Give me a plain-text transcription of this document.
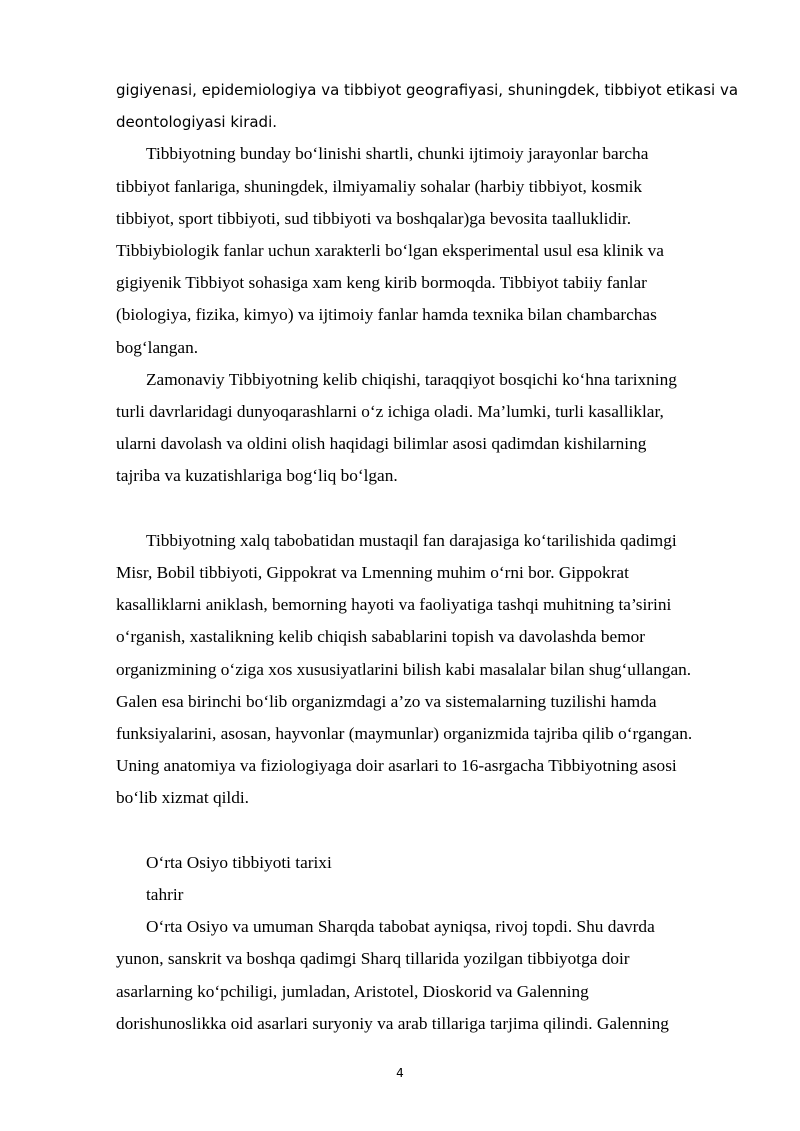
gigiyenasi, epidemiologiya va tibbiyot geografiyasi, shuningdek, tibbiyot etikasi va

deontologiyasi kiradi.

Tibbiyotning bunday bo‘linishi shartli, chunki ijtimoiy jarayonlar barcha

tibbiyot fanlariga, shuningdek, ilmiyamaliy sohalar (harbiy tibbiyot, kosmik

tibbiyot, sport tibbiyoti, sud tibbiyoti va boshqalar)ga bevosita taalluklidir.

Tibbiybiologik fanlar uchun xarakterli bo‘lgan eksperimental usul esa klinik va

gigiyenik Tibbiyot sohasiga xam keng kirib bormoqda. Tibbiyot tabiiy fanlar

(biologiya, fizika, kimyo) va ijtimoiy fanlar hamda texnika bilan chambarchas

bog‘langan.

Zamonaviy Tibbiyotning kelib chiqishi, taraqqiyot bosqichi ko‘hna tarixning

turli davrlaridagi dunyoqarashlarni o‘z ichiga oladi. Ma’lumki, turli kasalliklar,

ularni davolash va oldini olish haqidagi bilimlar asosi qadimdan kishilarning

tajriba va kuzatishlariga bog‘liq bo‘lgan.

Tibbiyotning xalq tabobatidan mustaqil fan darajasiga ko‘tarilishida qadimgi

Misr, Bobil tibbiyoti, Gippokrat va Lmenning muhim o‘rni bor. Gippokrat

kasalliklarni aniklash, bemorning hayoti va faoliyatiga tashqi muhitning ta’sirini

o‘rganish, xastalikning kelib chiqish sabablarini topish va davolashda bemor

organizmining o‘ziga xos xususiyatlarini bilish kabi masalalar bilan shug‘ullangan.

Galen esa birinchi bo‘lib organizmdagi a’zo va sistemalarning tuzilishi hamda

funksiyalarini, asosan, hayvonlar (maymunlar) organizmida tajriba qilib o‘rgangan.

Uning anatomiya va fiziologiyaga doir asarlari to 16-asrgacha Tibbiyotning asosi

bo‘lib xizmat qildi.

O‘rta Osiyo tibbiyoti tarixi

tahrir

O‘rta Osiyo va umuman Sharqda tabobat ayniqsa, rivoj topdi. Shu davrda

yunon, sanskrit va boshqa qadimgi Sharq tillarida yozilgan tibbiyotga doir

asarlarning ko‘pchiligi, jumladan, Aristotel, Dioskorid va Galenning

dorishunoslikka oid asarlari suryoniy va arab tillariga tarjima qilindi. Galenning

4
